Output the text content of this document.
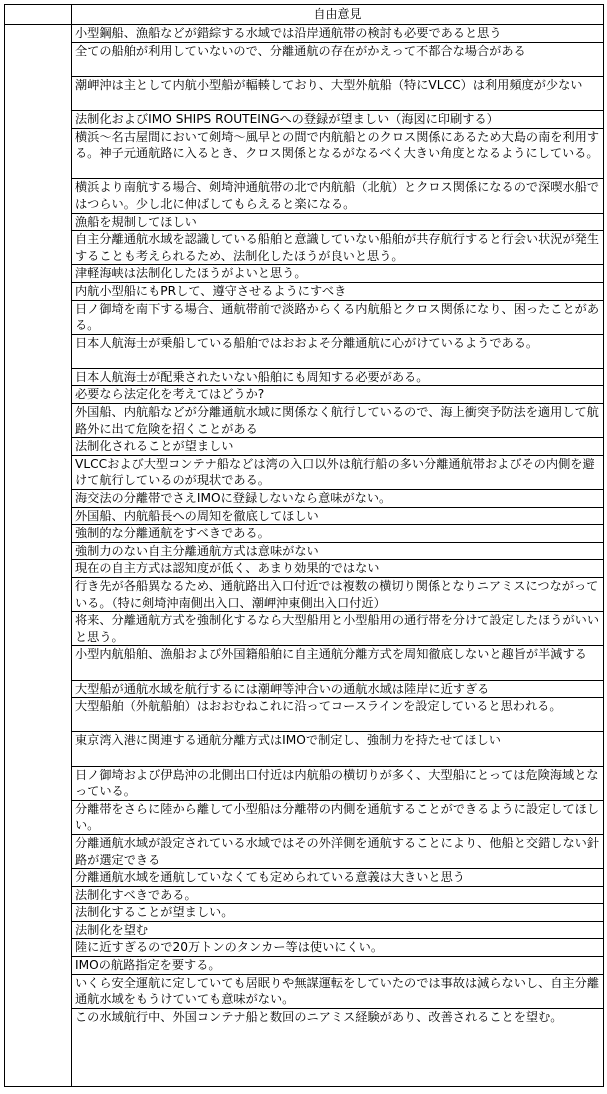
自由意見
小型鋼船、漁船などが錯綜する水域では沿岸通航帯の検討も必要であると思う
全ての船舶が利用していないので、分離通航の存在がかえって不都合な場合がある
潮岬沖は主として内航小型船が輻輳しており、大型外航船（特にVLCC）は利用頻度が少ない
法制化およびIMO SHIPS ROUTEINGへの登録が望ましい（海図に印刷する）
横浜～名古屋間において剣埼～風早との間で内航船とのクロス関係にあるため大島の南を利用する。神子元通航路に入るとき、クロス関係となるがなるべく大きい角度となるようにしている。
横浜より南航する場合、剣埼沖通航帯の北で内航船（北航）とクロス関係になるので深喫水船ではつらい。少し北に伸ばしてもらえると楽になる。
漁船を規制してほしい
自主分離通航水域を認識している船舶と意識していない船舶が共存航行すると行会い状況が発生することも考えられるため、法制化したほうが良いと思う。
津軽海峡は法制化したほうがよいと思う。
内航小型船にもPRして、遵守させるようにすべき
日ノ御埼を南下する場合、通航帯前で淡路からくる内航船とクロス関係になり、困ったことがある。
日本人航海士が乗船している船舶ではおおよそ分離通航に心がけているようである。
日本人航海士が配乗されたいない船舶にも周知する必要がある。
必要なら法定化を考えてはどうか?
外国船、内航船などが分離通航水域に関係なく航行しているので、海上衝突予防法を適用して航路外に出て危険を招くことがある
法制化されることが望ましい
VLCCおよび大型コンテナ船などは湾の入口以外は航行船の多い分離通航帯およびその内側を避けて航行しているのが現状である。
海交法の分離帯でさえIMOに登録しないなら意味がない。
外国船、内航船長への周知を徹底してほしい
強制的な分離通航をすべきである。
強制力のない自主分離通航方式は意味がない
現在の自主方式は認知度が低く、あまり効果的ではない
行き先が各船異なるため、通航路出入口付近では複数の横切り関係となりニアミスにつながっている。（特に剣埼沖南側出入口、潮岬沖東側出入口付近）
将来、分離通航方式を強制化するなら大型船用と小型船用の通行帯を分けて設定したほうがいいと思う。
小型内航船舶、漁船および外国籍船舶に自主通航分離方式を周知徹底しないと趣旨が半減する
大型船が通航水域を航行するには潮岬等沖合いの通航水域は陸岸に近すぎる
大型船舶（外航船舶）はおおむねこれに沿ってコースラインを設定していると思われる。
東京湾入港に関連する通航分離方式はIMOで制定し、強制力を持たせてほしい
日ノ御埼および伊島沖の北側出口付近は内航船の横切りが多く、大型船にとっては危険海域となっている。
分離帯をさらに陸から離して小型船は分離帯の内側を通航することができるように設定してほしい。
分離通航水域が設定されている水域ではその外洋側を通航することにより、他船と交錯しない針路が選定できる
分離通航水域を通航していなくても定められている意義は大きいと思う
法制化すべきである。
法制化することが望ましい。
法制化を望む
陸に近すぎるので20万トンのタンカー等は使いにくい。
IMOの航路指定を要する。
いくら安全運航に定していても居眠りや無謀運転をしていたのでは事故は減らないし、自主分離通航水域をもうけていても意味がない。
この水域航行中、外国コンテナ船と数回のニアミス経験があり、改善されることを望む。
